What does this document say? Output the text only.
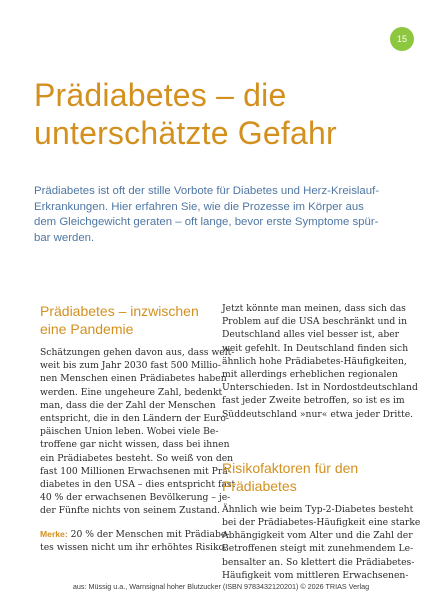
15
Prädiabetes – die
unterschätzte Gefahr

Prädiabetes ist oft der stille Vorbote für Diabetes und Herz-Kreislauf-
Erkrankungen. Hier erfahren Sie, wie die Prozesse im Körper aus
dem Gleichgewicht geraten – oft lange, bevor erste Symptome spür-
bar werden.

Prädiabetes – inzwischen
eine Pandemie
Schätzungen gehen davon aus, dass welt-
weit bis zum Jahr 2030 fast 500 Millio-
nen Menschen einen Prädiabetes haben
werden. Eine ungeheure Zahl, bedenkt
man, dass die der Zahl der Menschen
entspricht, die in den Ländern der Euro-
päischen Union leben. Wobei viele Be-
troffene gar nicht wissen, dass bei ihnen
ein Prädiabetes besteht. So weiß von den
fast 100 Millionen Erwachsenen mit Prä-
diabetes in den USA – dies entspricht fast
40 % der erwachsenen Bevölkerung – je-
der Fünfte nichts von seinem Zustand.
Merke: 20 % der Menschen mit Prädiabe-
tes wissen nicht um ihr erhöhtes Risiko.
Jetzt könnte man meinen, dass sich das
Problem auf die USA beschränkt und in
Deutschland alles viel besser ist, aber
weit gefehlt. In Deutschland finden sich
ähnlich hohe Prädiabetes-Häufigkeiten,
mit allerdings erheblichen regionalen
Unterschieden. Ist in Nordostdeutschland
fast jeder Zweite betroffen, so ist es im
Süddeutschland »nur« etwa jeder Dritte.
Risikofaktoren für den
Prädiabetes
Ähnlich wie beim Typ-2-Diabetes besteht
bei der Prädiabetes-Häufigkeit eine starke
Abhängigkeit vom Alter und die Zahl der
Betroffenen steigt mit zunehmendem Le-
bensalter an. So klettert die Prädiabetes-
Häufigkeit vom mittleren Erwachsenen-
aus: Müssig u.a., Warnsignal hoher Blutzucker (ISBN 9783432120201) © 2026 TRIAS Verlag
